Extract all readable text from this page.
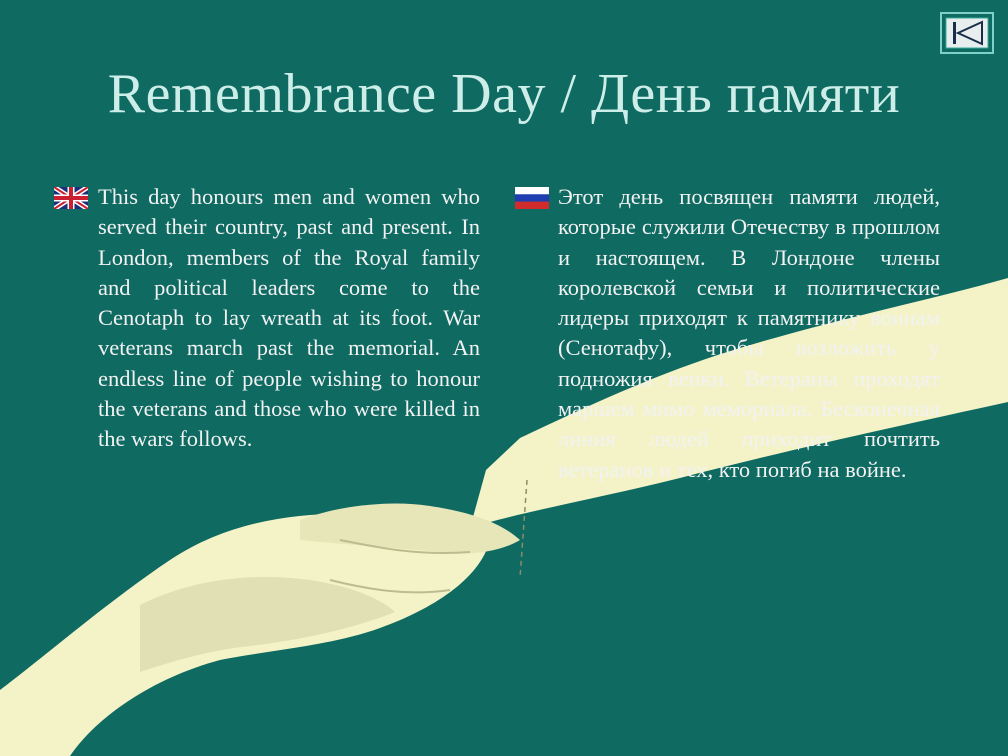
Remembrance Day / День памяти
This day honours men and women who served their country, past and present. In London, members of the Royal family and political leaders come to the Cenotaph to lay wreath at its foot. War veterans march past the memorial. An endless line of people wishing to honour the veterans and those who were killed in the wars follows.
Этот день посвящен памяти людей, которые служили Отечеству в прошлом и настоящем. В Лондоне члены королевской семьи и политические лидеры приходят к памятнику воинам (Сенотафу), чтобы возложить у подножия венки. Ветераны проходят маршем мимо мемориала. Бесконечная линия людей приходит почтить ветеранов и тех, кто погиб на войне.
